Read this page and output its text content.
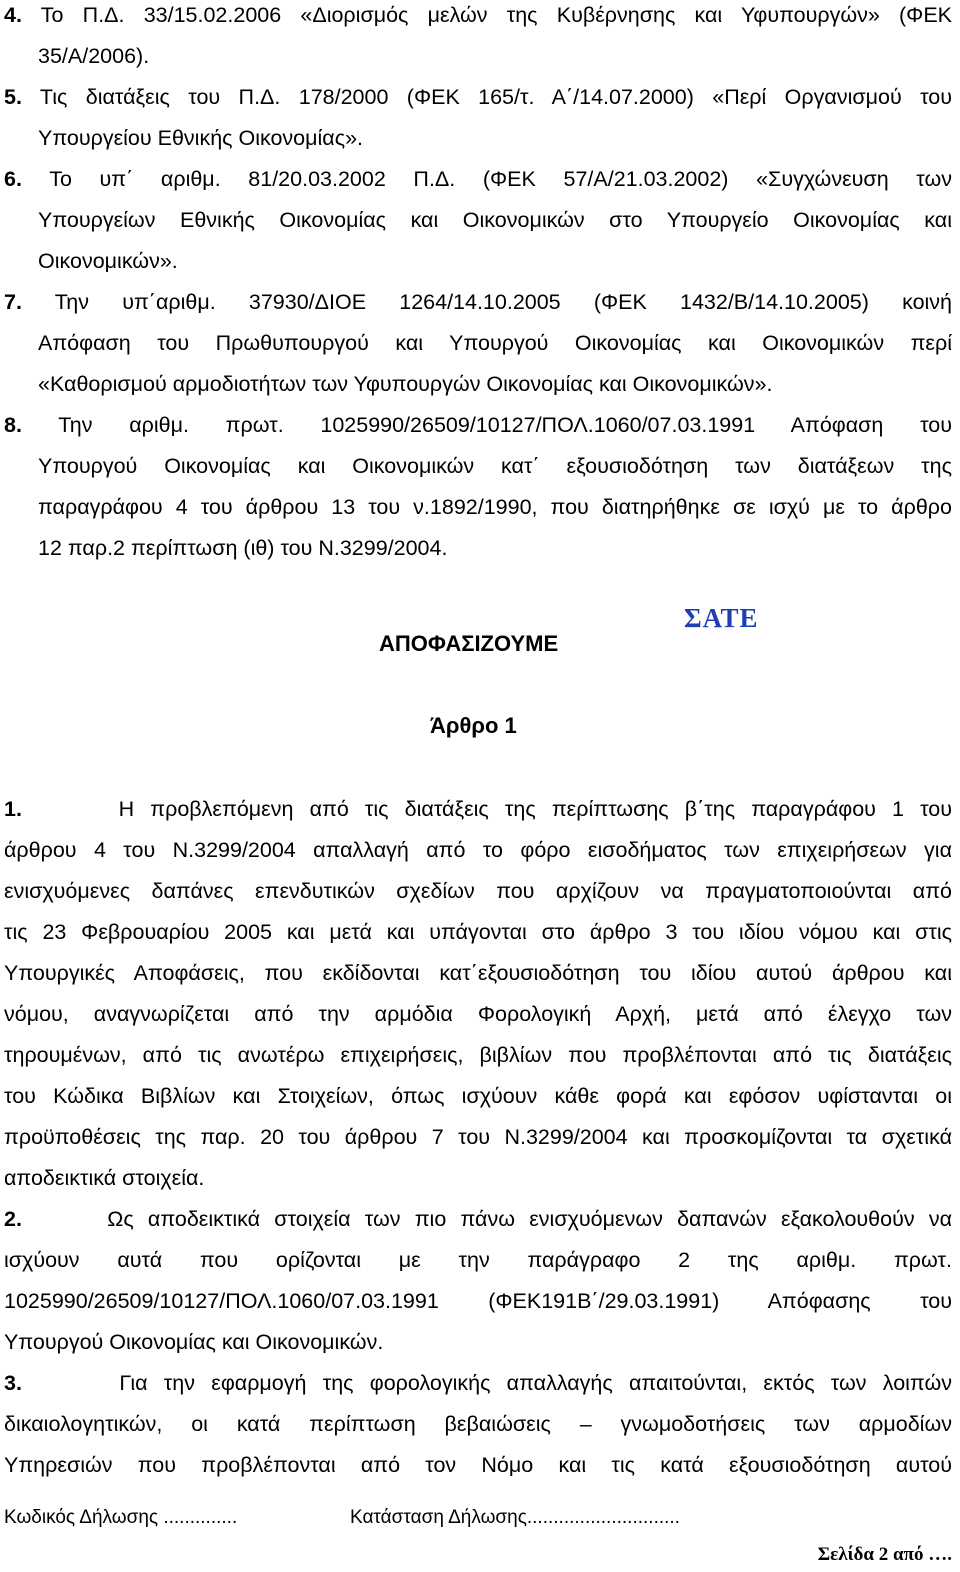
4. Το Π.Δ. 33/15.02.2006 «Διορισμός μελών της Κυβέρνησης και Υφυπουργών» (ΦΕΚ
35/Α/2006).
5. Τις διατάξεις του Π.Δ. 178/2000 (ΦΕΚ 165/τ. Α΄/14.07.2000) «Περί Οργανισμού του
Υπουργείου Εθνικής Οικονομίας».
6. Το υπ΄ αριθμ. 81/20.03.2002 Π.Δ. (ΦΕΚ 57/Α/21.03.2002) «Συγχώνευση των
Υπουργείων Εθνικής Οικονομίας και Οικονομικών στο Υπουργείο Οικονομίας και
Οικονομικών».
7. Την υπ΄αριθμ. 37930/ΔΙΟΕ 1264/14.10.2005 (ΦΕΚ 1432/Β/14.10.2005) κοινή
Απόφαση του Πρωθυπουργού και Υπουργού Οικονομίας και Οικονομικών περί
«Καθορισμού αρμοδιοτήτων των Υφυπουργών Οικονομίας και Οικονομικών».
8. Την αριθμ. πρωτ. 1025990/26509/10127/ΠΟΛ.1060/07.03.1991 Απόφαση του
Υπουργού Οικονομίας και Οικονομικών κατ΄ εξουσιοδότηση των διατάξεων της
παραγράφου 4 του άρθρου 13 του ν.1892/1990, που διατηρήθηκε σε ισχύ με το άρθρο
12 παρ.2 περίπτωση (ιθ) του Ν.3299/2004.
ΑΠΟΦΑΣΙΖΟΥΜΕ
ΣΑΤΕ
Άρθρο 1
1.	Η προβλεπόμενη από τις διατάξεις της περίπτωσης β΄της παραγράφου 1 του
άρθρου 4 του Ν.3299/2004 απαλλαγή από το φόρο εισοδήματος των επιχειρήσεων για
ενισχυόμενες δαπάνες επενδυτικών σχεδίων που αρχίζουν να πραγματοποιούνται από
τις 23 Φεβρουαρίου 2005 και μετά και υπάγονται στο άρθρο 3 του ιδίου νόμου και στις
Υπουργικές Αποφάσεις, που εκδίδονται κατ΄εξουσιοδότηση του ιδίου αυτού άρθρου και
νόμου, αναγνωρίζεται από την αρμόδια Φορολογική Αρχή, μετά από έλεγχο των
τηρουμένων, από τις ανωτέρω επιχειρήσεις, βιβλίων που προβλέπονται από τις διατάξεις
του Κώδικα Βιβλίων και Στοιχείων, όπως ισχύουν κάθε φορά και εφόσον υφίστανται οι
προϋποθέσεις της παρ. 20 του άρθρου 7 του Ν.3299/2004 και προσκομίζονται τα σχετικά
αποδεικτικά στοιχεία.
2.	Ως αποδεικτικά στοιχεία των πιο πάνω ενισχυόμενων δαπανών εξακολουθούν να
ισχύουν αυτά που ορίζονται με την παράγραφο 2 της αριθμ. πρωτ.
1025990/26509/10127/ΠΟΛ.1060/07.03.1991 (ΦΕΚ191Β΄/29.03.1991) Απόφασης του
Υπουργού Οικονομίας και Οικονομικών.
3.	Για την εφαρμογή της φορολογικής απαλλαγής απαιτούνται, εκτός των λοιπών
δικαιολογητικών, οι κατά περίπτωση βεβαιώσεις – γνωμοδοτήσεις των αρμοδίων
Υπηρεσιών που προβλέπονται από τον Νόμο και τις κατά εξουσιοδότηση αυτού
Κωδικός Δήλωσης ..............	Κατάσταση Δήλωσης.............................
Σελίδα 2 από ….
